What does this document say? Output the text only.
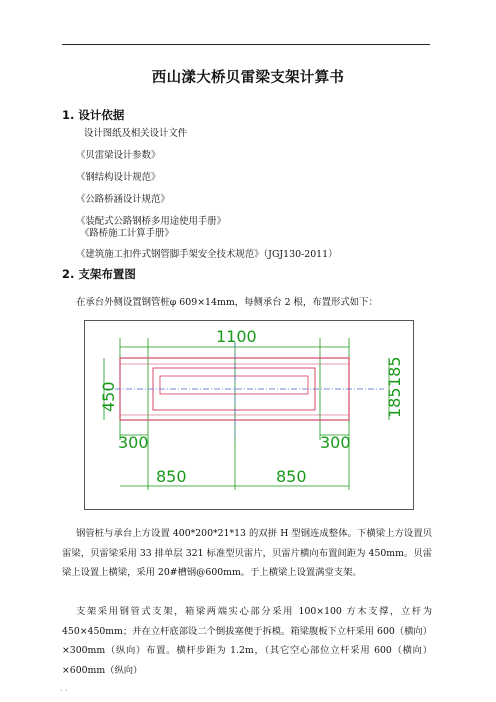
西山漾大桥贝雷梁支架计算书
1. 设计依据
设计图纸及相关设计文件
《贝雷梁设计参数》
《钢结构设计规范》
《公路桥涵设计规范》
《装配式公路钢桥多用途使用手册》
《路桥施工计算手册》
《建筑施工扣件式钢管脚手架安全技术规范》（JGJ130-2011）
2. 支架布置图
在承台外侧设置钢管桩φ 609×14mm，每侧承台 2 根，布置形式如下：
1100
450
185
185
300	300
850	850
钢管桩与承台上方设置 400*200*21*13 的双拼 H 型钢连成整体。下横梁上方设置贝雷梁，贝雷梁采用 33 排单层 321 标准型贝雷片，贝雷片横向布置间距为 450mm。贝雷梁上设置上横梁，采用 20#槽钢@600mm。于上横梁上设置满堂支架。
支架采用钢管式支架，箱梁两端实心部分采用 100×100 方木支撑，立杆为 450×450mm；并在立杆底部设二个倒拔塞便于拆模。箱梁腹板下立杆采用 600（横向）×300mm（纵向）布置。横杆步距为 1.2m，（其它空心部位立杆采用 600（横向）×600mm（纵向）
· ·
